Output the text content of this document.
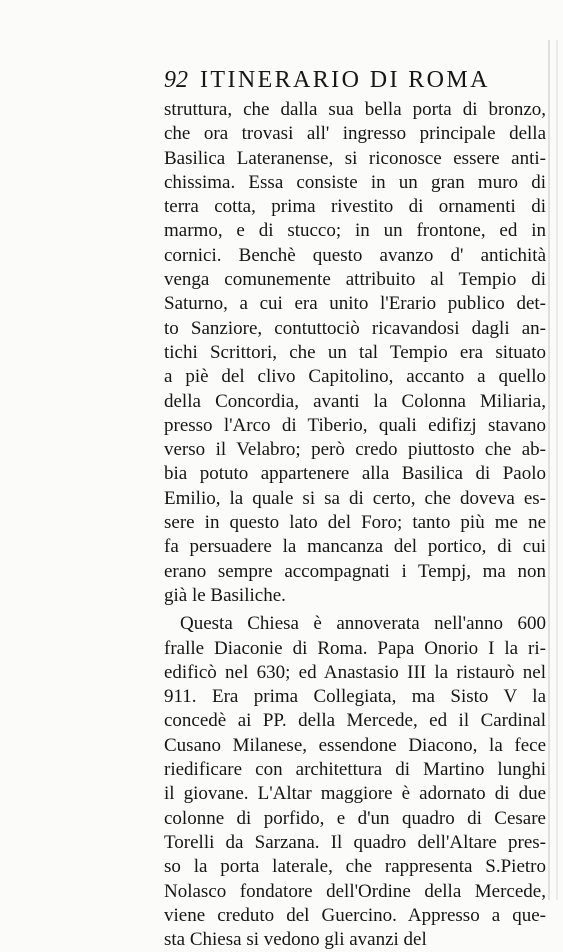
92 ITINERARIO DI ROMA
struttura, che dalla sua bella porta di bronzo,
che ora trovasi all' ingresso principale della
Basilica Lateranense, si riconosce essere anti-
chissima. Essa consiste in un gran muro di
terra cotta, prima rivestito di ornamenti di
marmo, e di stucco; in un frontone, ed in
cornici. Benchè questo avanzo d' antichità
venga comunemente attribuito al Tempio di
Saturno, a cui era unito l'Erario publico det-
to Sanziore, contuttociò ricavandosi dagli an-
tichi Scrittori, che un tal Tempio era situato
a piè del clivo Capitolino, accanto a quello
della Concordia, avanti la Colonna Miliaria,
presso l'Arco di Tiberio, quali edifizj stavano
verso il Velabro; però credo piuttosto che ab-
bia potuto appartenere alla Basilica di Paolo
Emilio, la quale si sa di certo, che doveva es-
sere in questo lato del Foro; tanto più me ne
fa persuadere la mancanza del portico, di cui
erano sempre accompagnati i Tempj, ma non
già le Basiliche.
Questa Chiesa è annoverata nell'anno 600
fralle Diaconie di Roma. Papa Onorio I la ri-
edificò nel 630; ed Anastasio III la ristaurò nel
911. Era prima Collegiata, ma Sisto V la
concedè ai PP. della Mercede, ed il Cardinal
Cusano Milanese, essendone Diacono, la fece
riedificare con architettura di Martino lunghi
il giovane. L'Altar maggiore è adornato di due
colonne di porfido, e d'un quadro di Cesare
Torelli da Sarzana. Il quadro dell'Altare pres-
so la porta laterale, che rappresenta S.Pietro
Nolasco fondatore dell'Ordine della Mercede,
viene creduto del Guercino. Appresso a que-
sta Chiesa si vedono gli avanzi del
